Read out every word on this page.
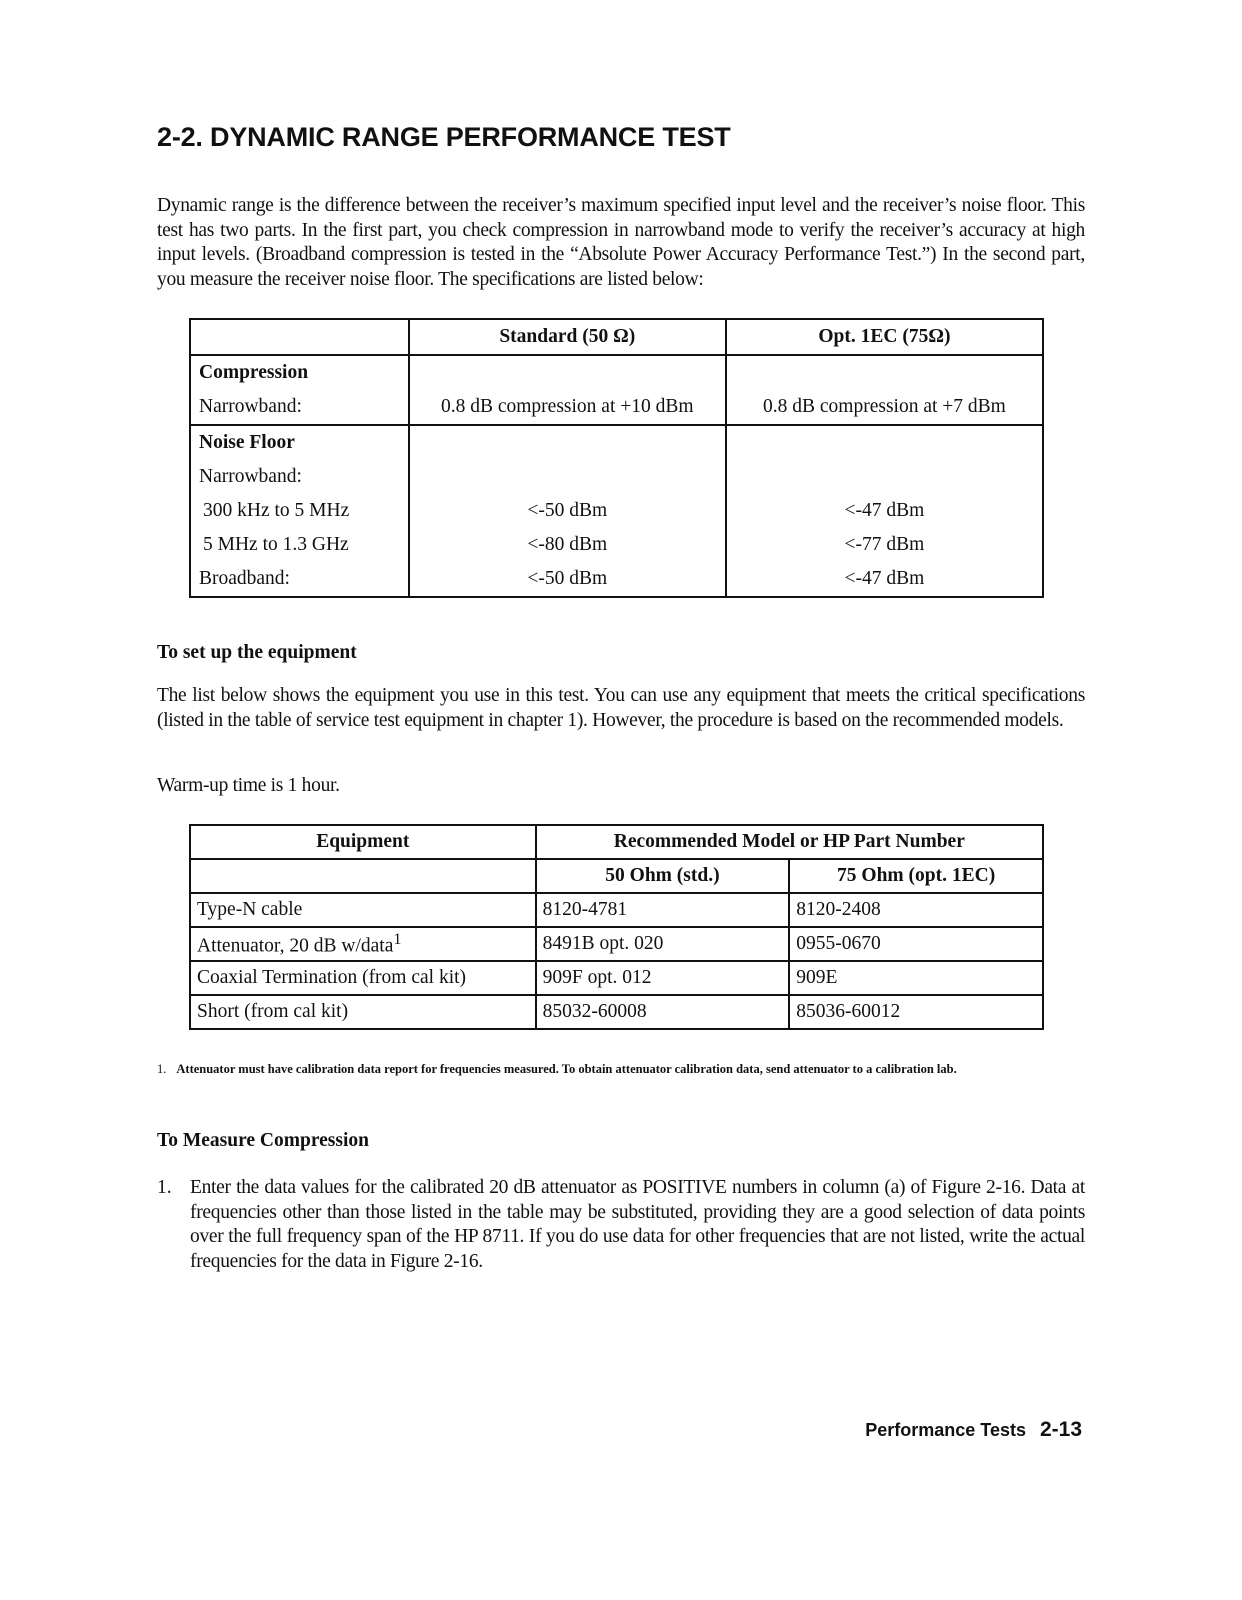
2-2. DYNAMIC RANGE PERFORMANCE TEST

Dynamic range is the difference between the receiver’s maximum specified input level and the receiver’s noise floor. This test has two parts. In the first part, you check compression in narrowband mode to verify the receiver’s accuracy at high input levels. (Broadband compression is tested in the “Absolute Power Accuracy Performance Test.”) In the second part, you measure the receiver noise floor. The specifications are listed below:

	Standard (50 Ω)	Opt. 1EC (75Ω)
Compression		
Narrowband:	0.8 dB compression at +10 dBm	0.8 dB compression at +7 dBm
Noise Floor		
Narrowband:		
300 kHz to 5 MHz	<-50 dBm	<-47 dBm
5 MHz to 1.3 GHz	<-80 dBm	<-77 dBm
Broadband:	<-50 dBm	<-47 dBm
To set up the equipment

The list below shows the equipment you use in this test. You can use any equipment that meets the critical specifications (listed in the table of service test equipment in chapter 1). However, the procedure is based on the recommended models.

Warm-up time is 1 hour.

Equipment	Recommended Model or HP Part Number	
	50 Ohm (std.)	75 Ohm (opt. 1EC)
Type-N cable	8120-4781	8120-2408
Attenuator, 20 dB w/data$^1$	8491B opt. 020	0955-0670
Coaxial Termination (from cal kit)	909F opt. 012	909E
Short (from cal kit)	85032-60008	85036-60012

1. Attenuator must have calibration data report for frequencies measured. To obtain attenuator calibration data, send attenuator to a calibration lab.

To Measure Compression
1. Enter the data values for the calibrated 20 dB attenuator as POSITIVE numbers in column (a) of Figure 2-16. Data at frequencies other than those listed in the table may be substituted, providing they are a good selection of data points over the full frequency span of the HP 8711. If you do use data for other frequencies that are not listed, write the actual frequencies for the data in Figure 2-16.
Performance Tests 2-13
